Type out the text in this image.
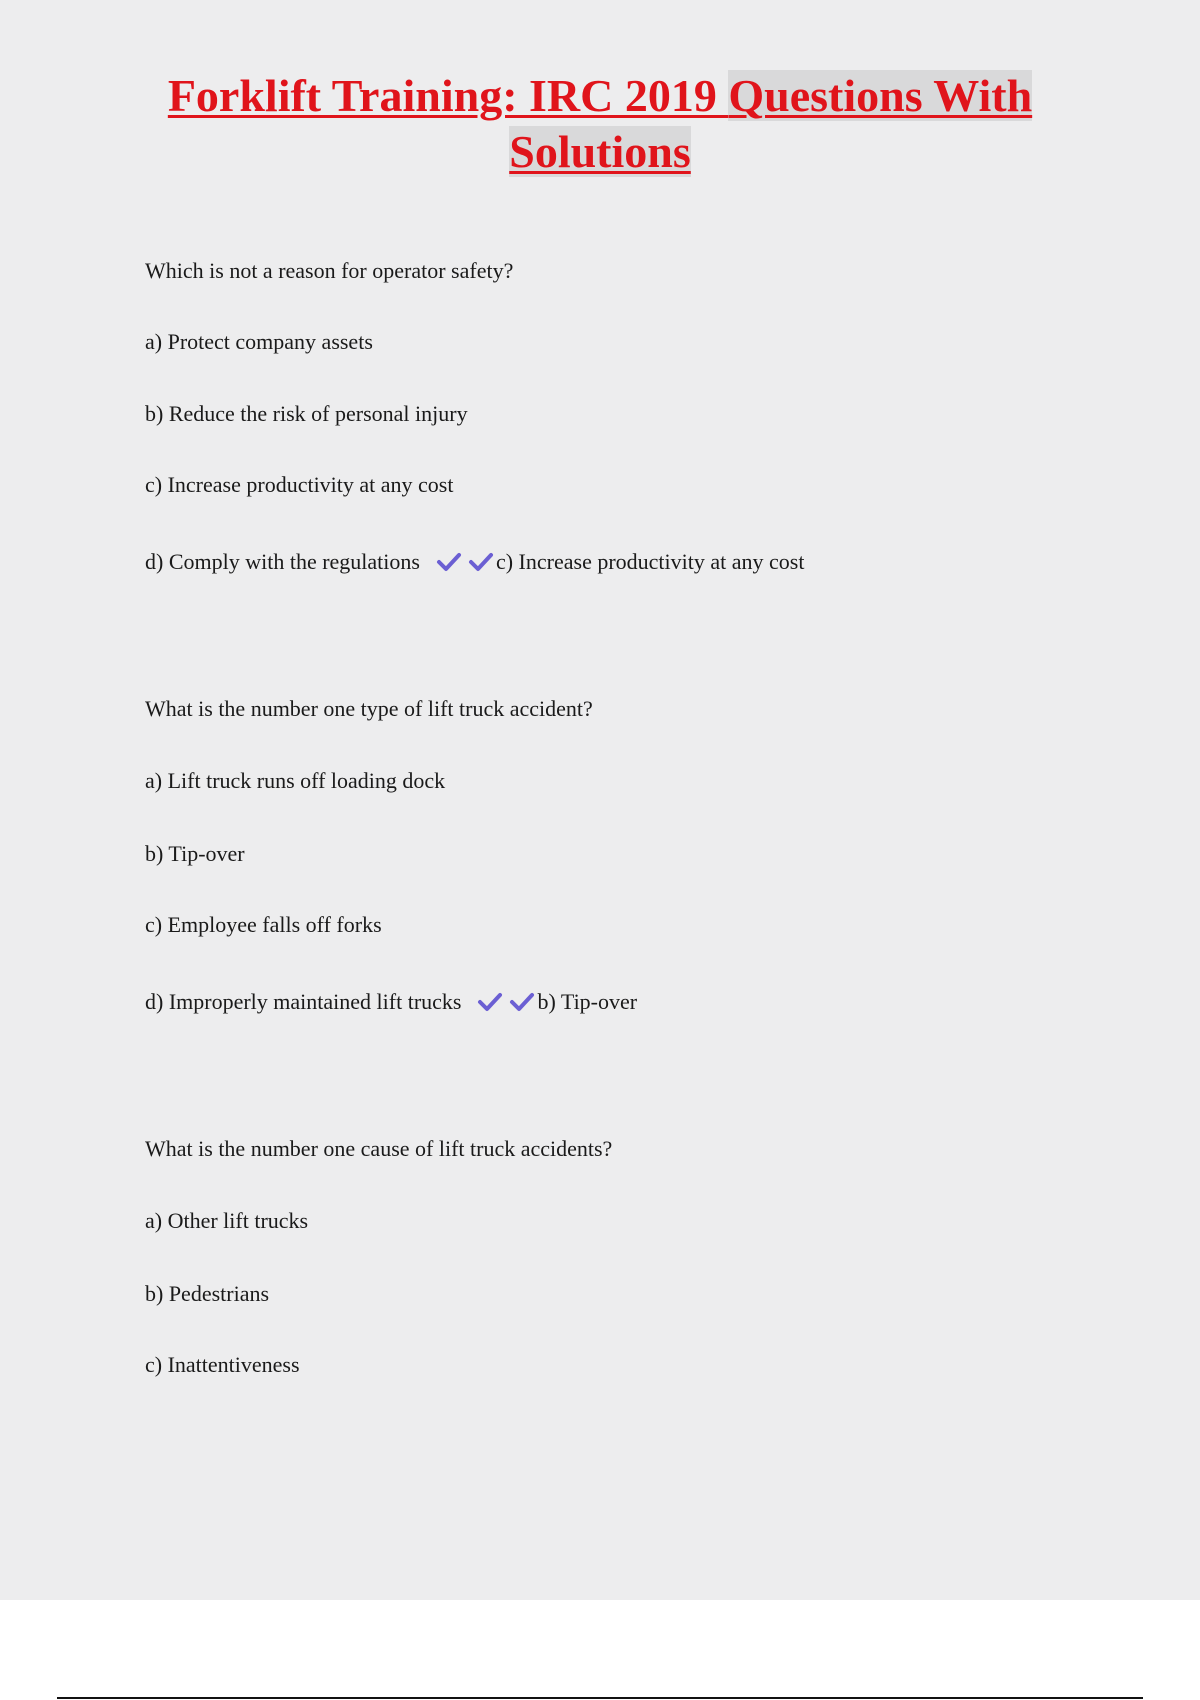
Forklift Training: IRC 2019 Questions With
Solutions

Which is not a reason for operator safety?

a) Protect company assets

b) Reduce the risk of personal injury

c) Increase productivity at any cost

d) Comply with the regulations	c) Increase productivity at any cost

What is the number one type of lift truck accident?

a) Lift truck runs off loading dock

b) Tip-over

c) Employee falls off forks

d) Improperly maintained lift trucks	b) Tip-over

What is the number one cause of lift truck accidents?

a) Other lift trucks

b) Pedestrians

c) Inattentiveness
